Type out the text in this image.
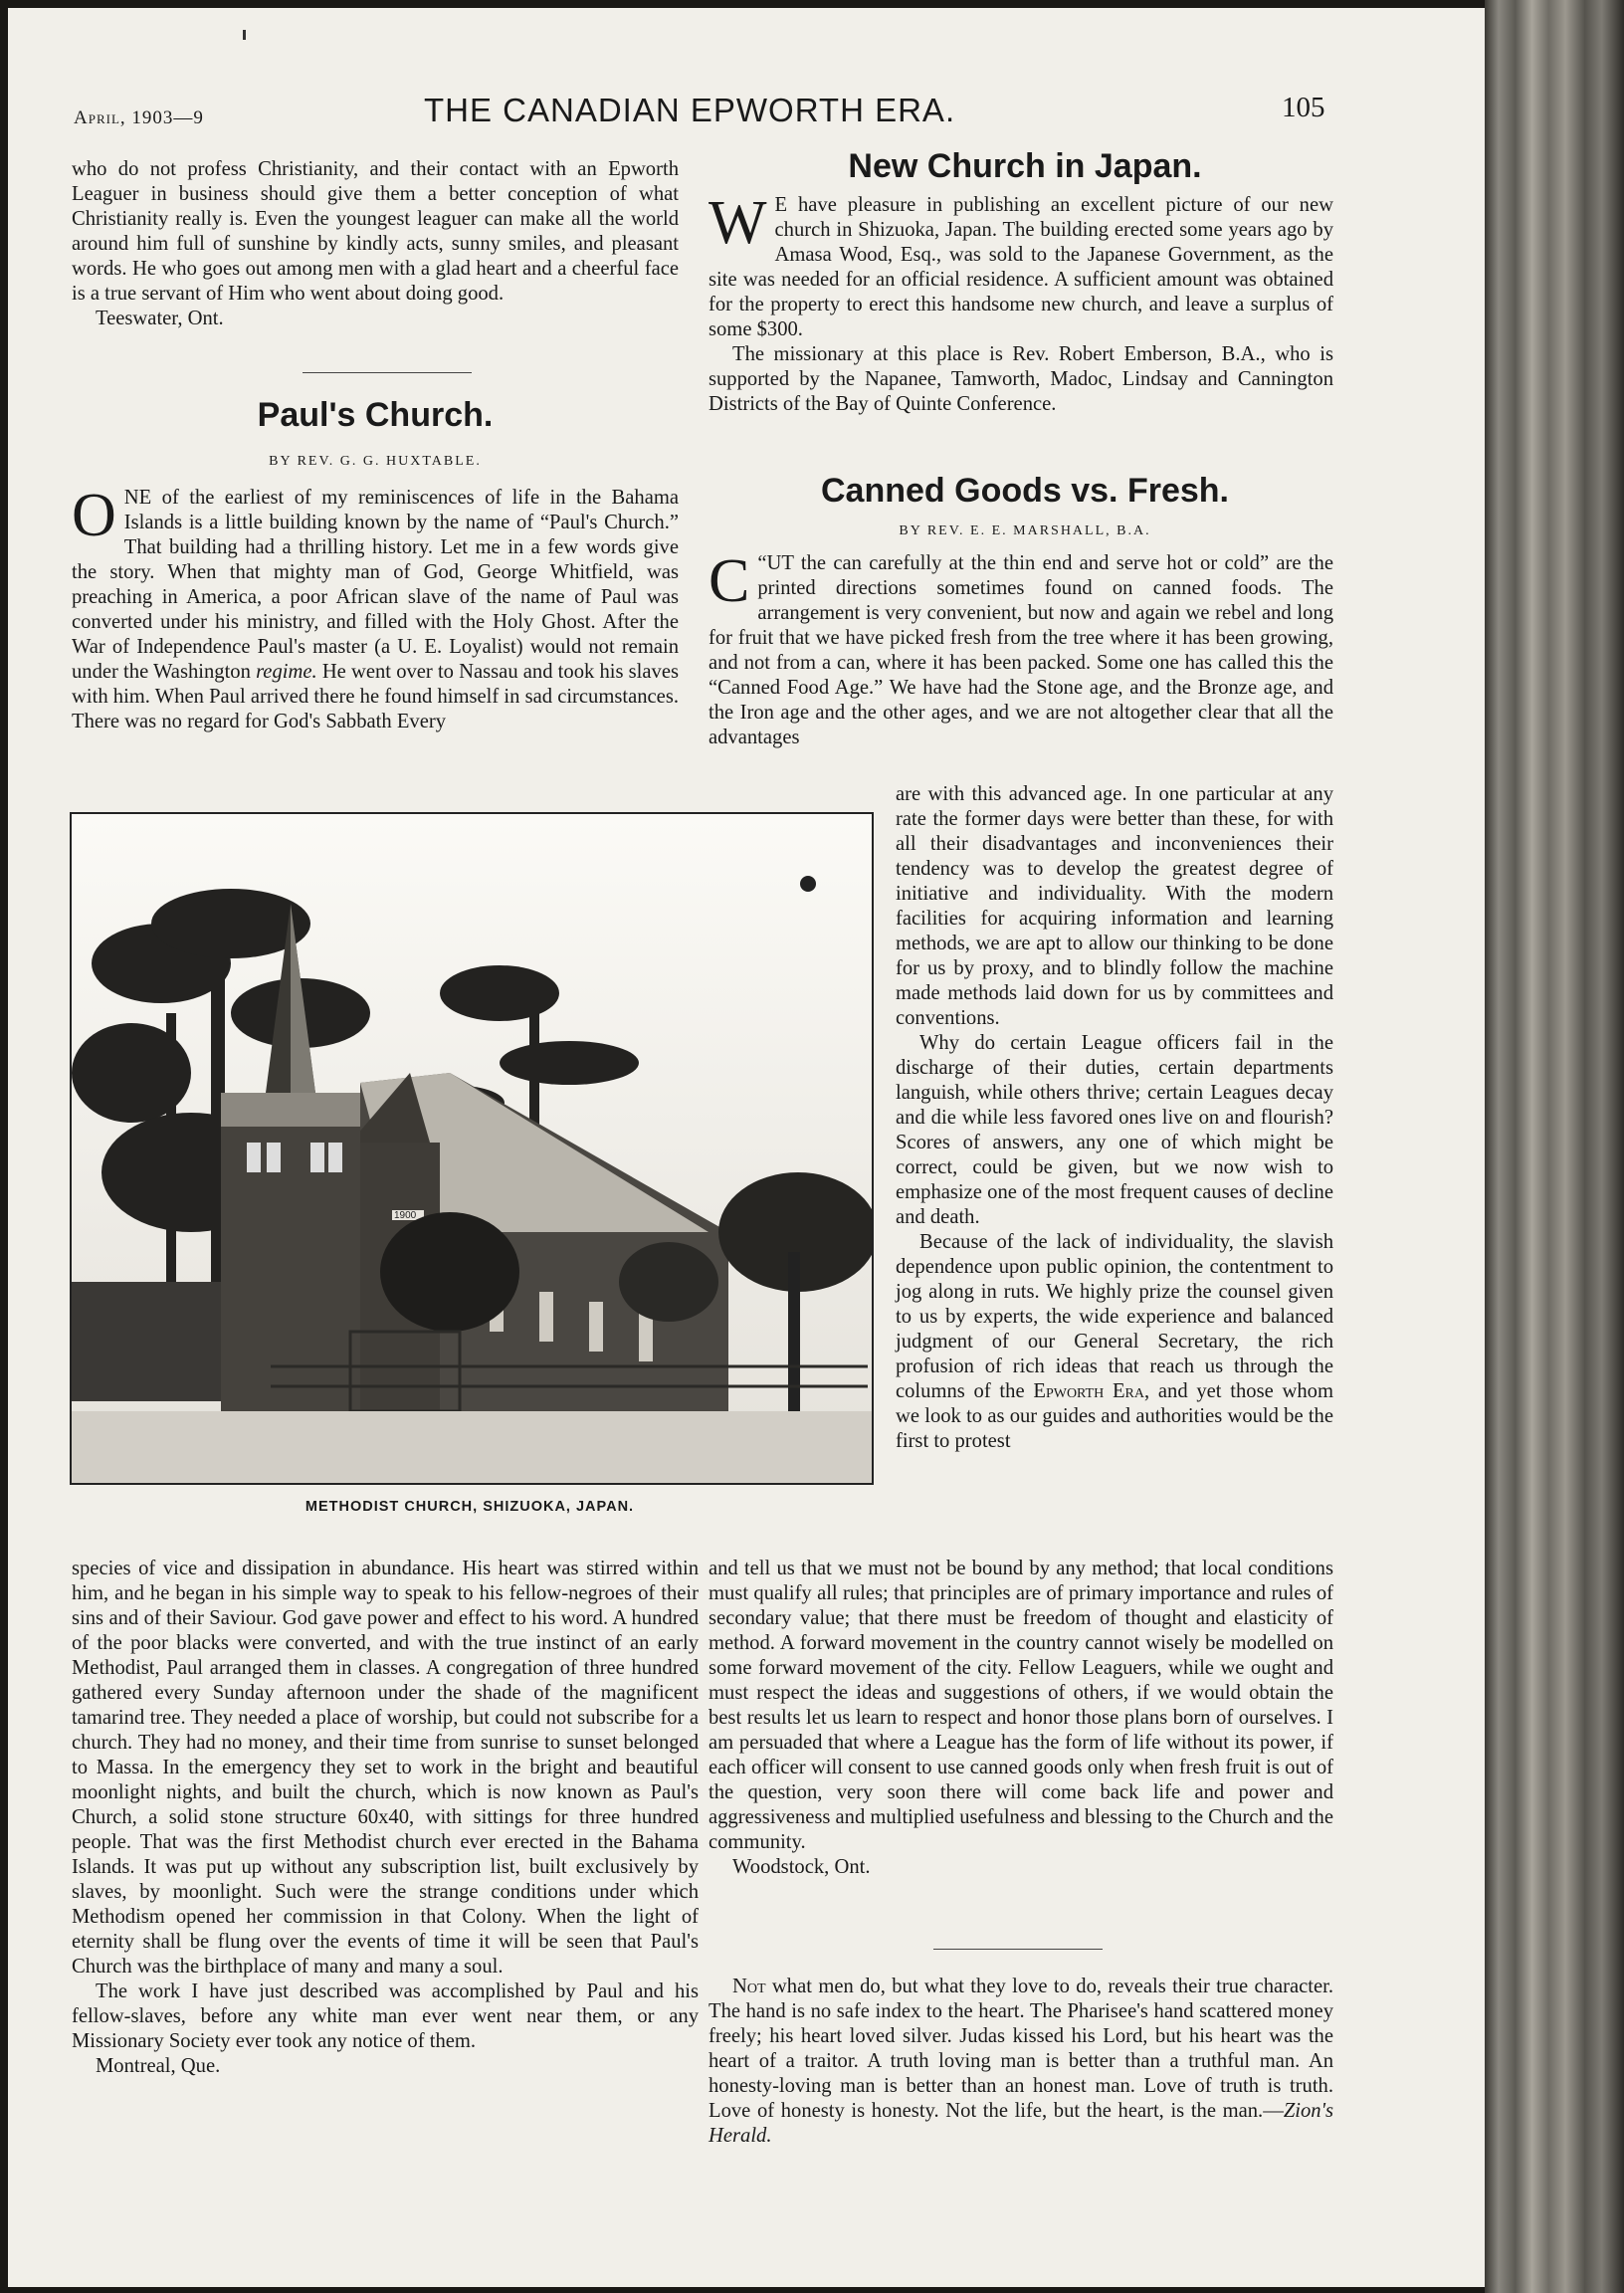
April, 1903—9	THE CANADIAN EPWORTH ERA.	105

who do not profess Christianity, and their contact with an Epworth Leaguer in business should give them a better conception of what Christianity really is. Even the youngest leaguer can make all the world around him full of sunshine by kindly acts, sunny smiles, and pleasant words. He who goes out among men with a glad heart and a cheerful face is a true servant of Him who went about doing good.

Teeswater, Ont.

Paul's Church.

BY REV. G. G. HUXTABLE.

ONE of the earliest of my reminiscences of life in the Bahama Islands is a little building known by the name of “Paul's Church.” That building had a thrilling history. Let me in a few words give the story. When that mighty man of God, George Whitfield, was preaching in America, a poor African slave of the name of Paul was converted under his ministry, and filled with the Holy Ghost. After the War of Independence Paul's master (a U. E. Loyalist) would not remain under the Washington regime. He went over to Nassau and took his slaves with him. When Paul arrived there he found himself in sad circumstances. There was no regard for God's Sabbath Every

1900

METHODIST CHURCH, SHIZUOKA, JAPAN.

species of vice and dissipation in abundance. His heart was stirred within him, and he began in his simple way to speak to his fellow-negroes of their sins and of their Saviour. God gave power and effect to his word. A hundred of the poor blacks were converted, and with the true instinct of an early Methodist, Paul arranged them in classes. A congregation of three hundred gathered every Sunday afternoon under the shade of the magnificent tamarind tree. They needed a place of worship, but could not subscribe for a church. They had no money, and their time from sunrise to sunset belonged to Massa. In the emergency they set to work in the bright and beautiful moonlight nights, and built the church, which is now known as Paul's Church, a solid stone structure 60x40, with sittings for three hundred people. That was the first Methodist church ever erected in the Bahama Islands. It was put up without any subscription list, built exclusively by slaves, by moonlight. Such were the strange conditions under which Methodism opened her commission in that Colony. When the light of eternity shall be flung over the events of time it will be seen that Paul's Church was the birthplace of many and many a soul.

The work I have just described was accomplished by Paul and his fellow-slaves, before any white man ever went near them, or any Missionary Society ever took any notice of them.

Montreal, Que.

New Church in Japan.

W E have pleasure in publishing an excellent picture of our new church in Shizuoka, Japan. The building erected some years ago by Amasa Wood, Esq., was sold to the Japanese Government, as the site was needed for an official residence. A sufficient amount was obtained for the property to erect this handsome new church, and leave a surplus of some $300.

The missionary at this place is Rev. Robert Emberson, B.A., who is supported by the Napanee, Tamworth, Madoc, Lindsay and Cannington Districts of the Bay of Quinte Conference.

Canned Goods vs. Fresh.

BY REV. E. E. MARSHALL, B.A.

“
C UT the can carefully at the thin end and serve hot or cold” are the printed directions sometimes found on canned foods. The arrangement is very convenient, but now and again we rebel and long for fruit that we have picked fresh from the tree where it has been growing, and not from a can, where it has been packed. Some one has called this the “Canned Food Age.” We have had the Stone age, and the Bronze age, and the Iron age and the other ages, and we are not altogether clear that all the advantages

are with this advanced age. In one particular at any rate the former days were better than these, for with all their disadvantages and inconveniences their tendency was to develop the greatest degree of initiative and individuality. With the modern facilities for acquiring information and learning methods, we are apt to allow our thinking to be done for us by proxy, and to blindly follow the machine made methods laid down for us by committees and conventions.

Why do certain League officers fail in the discharge of their duties, certain departments languish, while others thrive; certain Leagues decay and die while less favored ones live on and flourish? Scores of answers, any one of which might be correct, could be given, but we now wish to emphasize one of the most frequent causes of decline and death.

Because of the lack of individuality, the slavish dependence upon public opinion, the contentment to jog along in ruts. We highly prize the counsel given to us by experts, the wide experience and balanced judgment of our General Secretary, the rich profusion of rich ideas that reach us through the columns of the Epworth Era, and yet those whom we look to as our guides and authorities would be the first to protest

and tell us that we must not be bound by any method; that local conditions must qualify all rules; that principles are of primary importance and rules of secondary value; that there must be freedom of thought and elasticity of method. A forward movement in the country cannot wisely be modelled on some forward movement of the city. Fellow Leaguers, while we ought and must respect the ideas and suggestions of others, if we would obtain the best results let us learn to respect and honor those plans born of ourselves. I am persuaded that where a League has the form of life without its power, if each officer will consent to use canned goods only when fresh fruit is out of the question, very soon there will come back life and power and aggressiveness and multiplied usefulness and blessing to the Church and the community.

Woodstock, Ont.

Not what men do, but what they love to do, reveals their true character. The hand is no safe index to the heart. The Pharisee's hand scattered money freely; his heart loved silver. Judas kissed his Lord, but his heart was the heart of a traitor. A truth loving man is better than a truthful man. An honesty-loving man is better than an honest man. Love of truth is truth. Love of honesty is honesty. Not the life, but the heart, is the man.—Zion's Herald.
